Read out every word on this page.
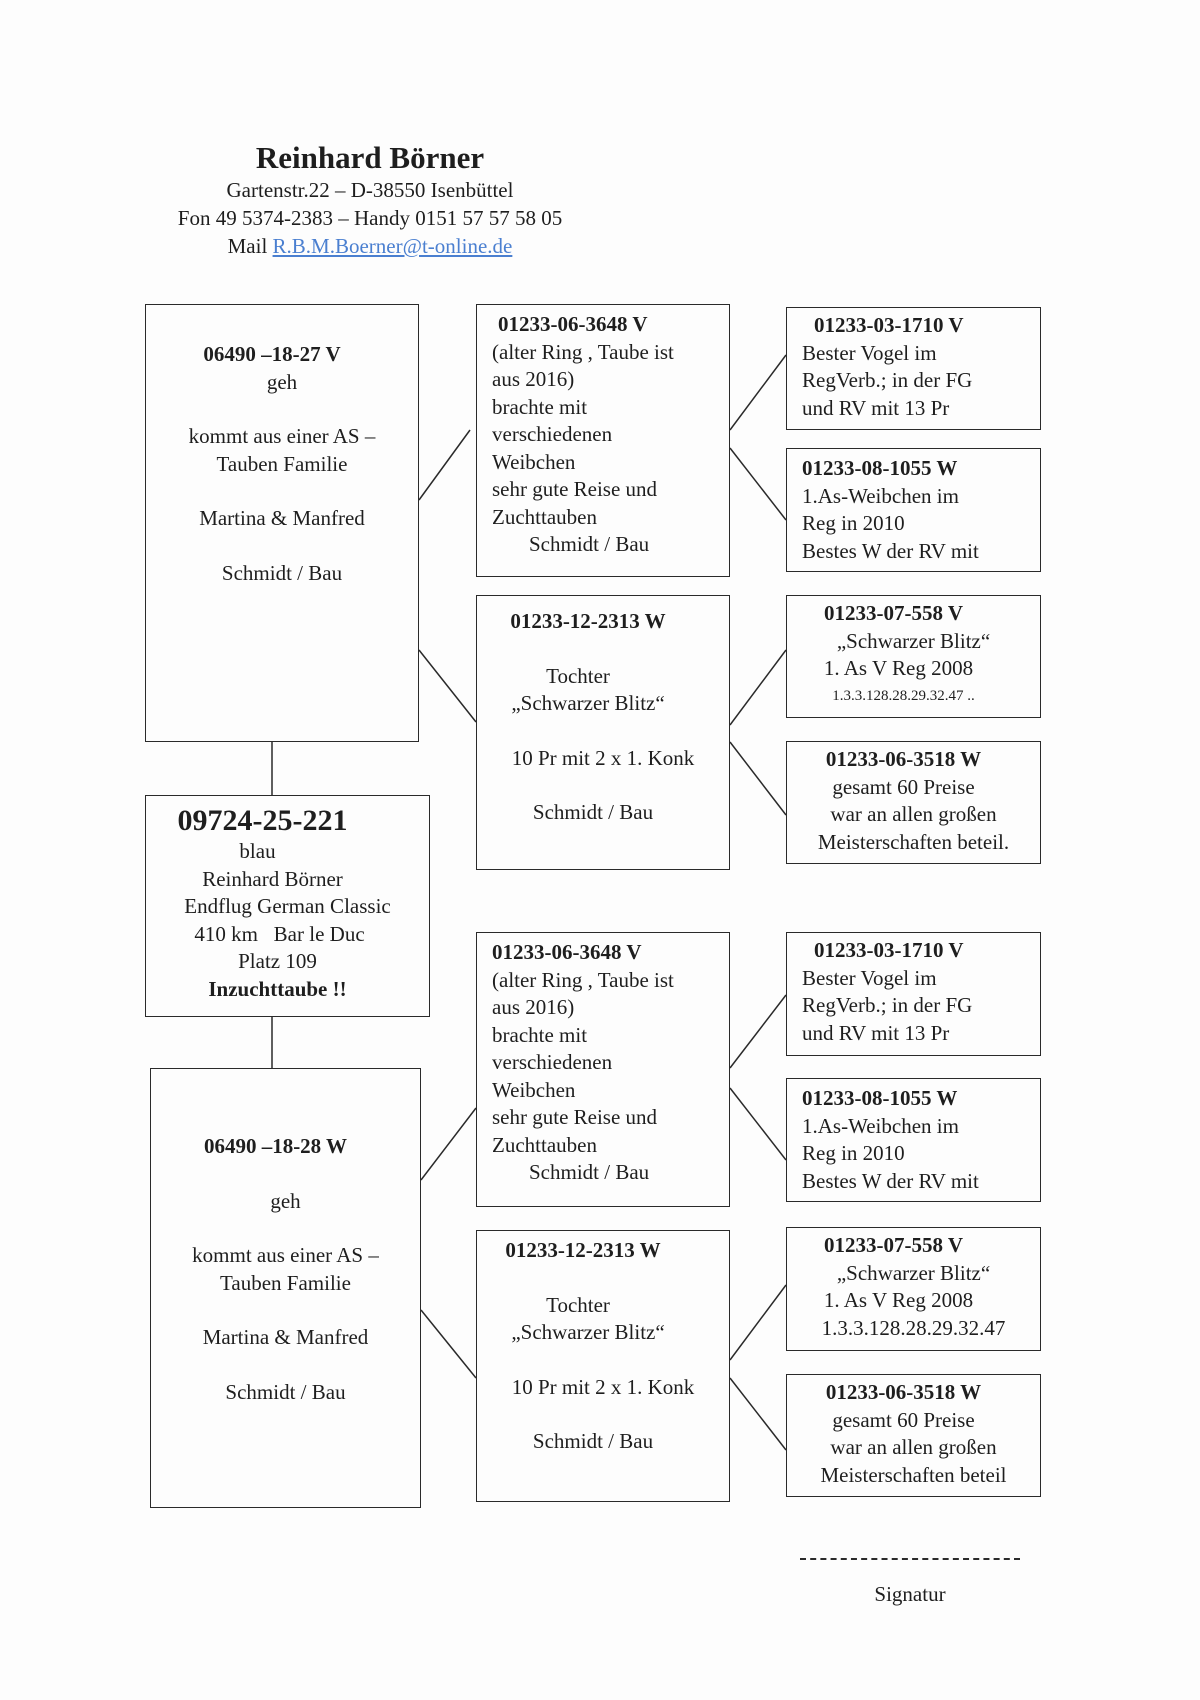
Reinhard Börner
Gartenstr.22 – D-38550 Isenbüttel
Fon 49 5374-2383 – Handy 0151 57 57 58 05
Mail R.B.M.Boerner@t-online.de
06490 –18-27 V
geh
kommt aus einer AS –
Tauben Familie
Martina & Manfred
Schmidt / Bau
09724-25-221
blau
Reinhard Börner
Endflug German Classic
410 km   Bar le Duc
Platz 109
Inzuchttaube !!
06490 –18-28 W
geh
kommt aus einer AS –
Tauben Familie
Martina & Manfred
Schmidt / Bau
01233-06-3648 V
(alter Ring , Taube ist
aus 2016)
brachte mit
verschiedenen
Weibchen
sehr gute Reise und
Zuchttauben
Schmidt / Bau
01233-12-2313 W
Tochter
„Schwarzer Blitz“
10 Pr mit 2 x 1. Konk
Schmidt / Bau
01233-06-3648 V
(alter Ring , Taube ist
aus 2016)
brachte mit
verschiedenen
Weibchen
sehr gute Reise und
Zuchttauben
Schmidt / Bau
01233-12-2313 W
Tochter
„Schwarzer Blitz“
10 Pr mit 2 x 1. Konk
Schmidt / Bau
01233-03-1710 V
Bester Vogel im
RegVerb.; in der FG
und RV mit 13 Pr
01233-08-1055 W
1.As-Weibchen im
Reg in 2010
Bestes W der RV mit
01233-07-558 V
„Schwarzer Blitz“
1. As V Reg 2008
1.3.3.128.28.29.32.47 ..
01233-06-3518 W
gesamt 60 Preise
war an allen großen
Meisterschaften beteil.
01233-03-1710 V
Bester Vogel im
RegVerb.; in der FG
und RV mit 13 Pr
01233-08-1055 W
1.As-Weibchen im
Reg in 2010
Bestes W der RV mit
01233-07-558 V
„Schwarzer Blitz“
1. As V Reg 2008
1.3.3.128.28.29.32.47
01233-06-3518 W
gesamt 60 Preise
war an allen großen
Meisterschaften beteil
Signatur
